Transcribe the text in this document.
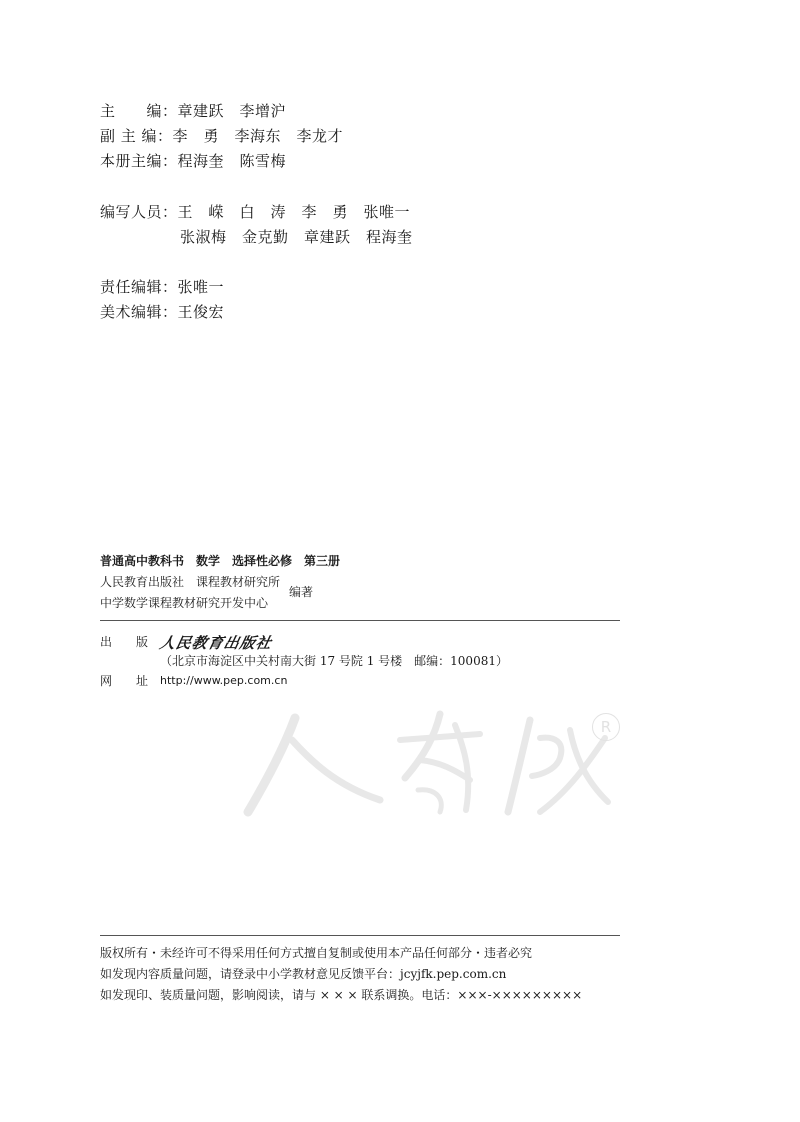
主　　编：章建跃　李增沪
副 主 编：李　勇　李海东　李龙才
本册主编：程海奎　陈雪梅
编写人员：王　嵘　白　涛　李　勇　张唯一
张淑梅　金克勤　章建跃　程海奎
责任编辑：张唯一
美术编辑：王俊宏
普通高中教科书　数学　选择性必修　第三册
人民教育出版社　课程教材研究所
中学数学课程教材研究开发中心
编著
出　　版 人民教育出版社
（北京市海淀区中关村南大街 17 号院 1 号楼　邮编：100081）
网　　址 http://www.pep.com.cn
R
版权所有・未经许可不得采用任何方式擅自复制或使用本产品任何部分・违者必究
如发现内容质量问题，请登录中小学教材意见反馈平台：jcyjfk.pep.com.cn
如发现印、装质量问题，影响阅读，请与 × × × 联系调换。电话：×××-×××××××××
